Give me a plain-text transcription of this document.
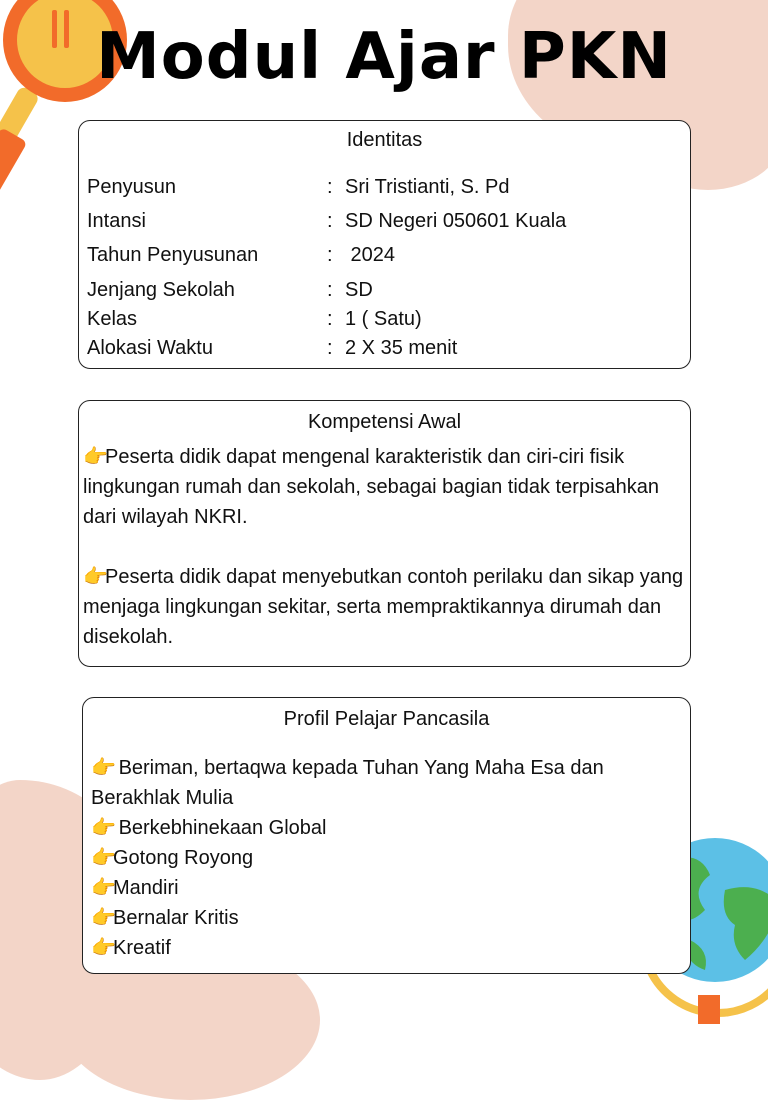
Modul Ajar PKN
Identitas
Penyusun	: Sri Tristianti, S. Pd
Intansi	: SD Negeri 050601 Kuala
Tahun Penyusunan	: 2024
Jenjang Sekolah	: SD
Kelas	: 1 ( Satu)
Alokasi Waktu	: 2 X 35 menit
Kompetensi Awal

👉Peserta didik dapat mengenal karakteristik dan ciri-ciri fisik lingkungan rumah dan sekolah, sebagai bagian tidak terpisahkan dari wilayah NKRI.

👉Peserta didik dapat menyebutkan contoh perilaku dan sikap yang menjaga lingkungan sekitar, serta mempraktikannya dirumah dan disekolah.

Profil Pelajar Pancasila
👉 Beriman, bertaqwa kepada Tuhan Yang Maha Esa dan Berakhlak Mulia
👉 Berkebhinekaan Global
👉Gotong Royong
👉Mandiri
👉Bernalar Kritis
👉Kreatif
